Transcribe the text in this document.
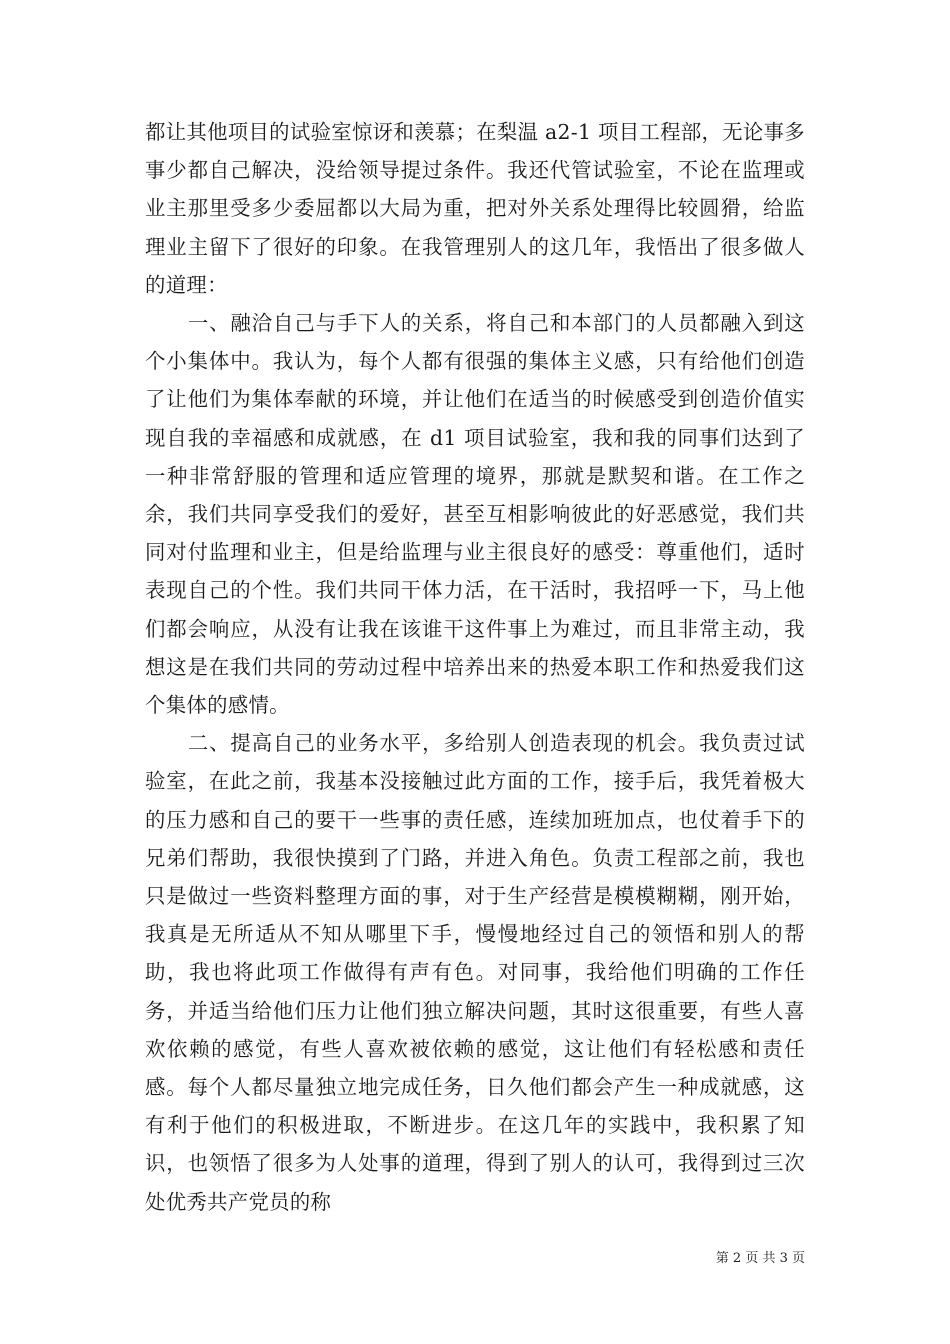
都让其他项目的试验室惊讶和羡慕；在梨温 a2-1 项目工程部，无论事多事少都自己解决，没给领导提过条件。我还代管试验室，不论在监理或业主那里受多少委屈都以大局为重，把对外关系处理得比较圆猾，给监理业主留下了很好的印象。在我管理别人的这几年，我悟出了很多做人的道理：

一、融洽自己与手下人的关系，将自己和本部门的人员都融入到这个小集体中。我认为，每个人都有很强的集体主义感，只有给他们创造了让他们为集体奉献的环境，并让他们在适当的时候感受到创造价值实现自我的幸福感和成就感，在 d1 项目试验室，我和我的同事们达到了一种非常舒服的管理和适应管理的境界，那就是默契和谐。在工作之余，我们共同享受我们的爱好，甚至互相影响彼此的好恶感觉，我们共同对付监理和业主，但是给监理与业主很良好的感受：尊重他们，适时表现自己的个性。我们共同干体力活，在干活时，我招呼一下，马上他们都会响应，从没有让我在该谁干这件事上为难过，而且非常主动，我想这是在我们共同的劳动过程中培养出来的热爱本职工作和热爱我们这个集体的感情。

二、提高自己的业务水平，多给别人创造表现的机会。我负责过试验室，在此之前，我基本没接触过此方面的工作，接手后，我凭着极大的压力感和自己的要干一些事的责任感，连续加班加点，也仗着手下的兄弟们帮助，我很快摸到了门路，并进入角色。负责工程部之前，我也只是做过一些资料整理方面的事，对于生产经营是模模糊糊，刚开始，我真是无所适从不知从哪里下手，慢慢地经过自己的领悟和别人的帮助，我也将此项工作做得有声有色。对同事，我给他们明确的工作任务，并适当给他们压力让他们独立解决问题，其时这很重要，有些人喜欢依赖的感觉，有些人喜欢被依赖的感觉，这让他们有轻松感和责任感。每个人都尽量独立地完成任务，日久他们都会产生一种成就感，这有利于他们的积极进取，不断进步。在这几年的实践中，我积累了知识，也领悟了很多为人处事的道理，得到了别人的认可，我得到过三次处优秀共产党员的称

第 2 页 共 3 页
